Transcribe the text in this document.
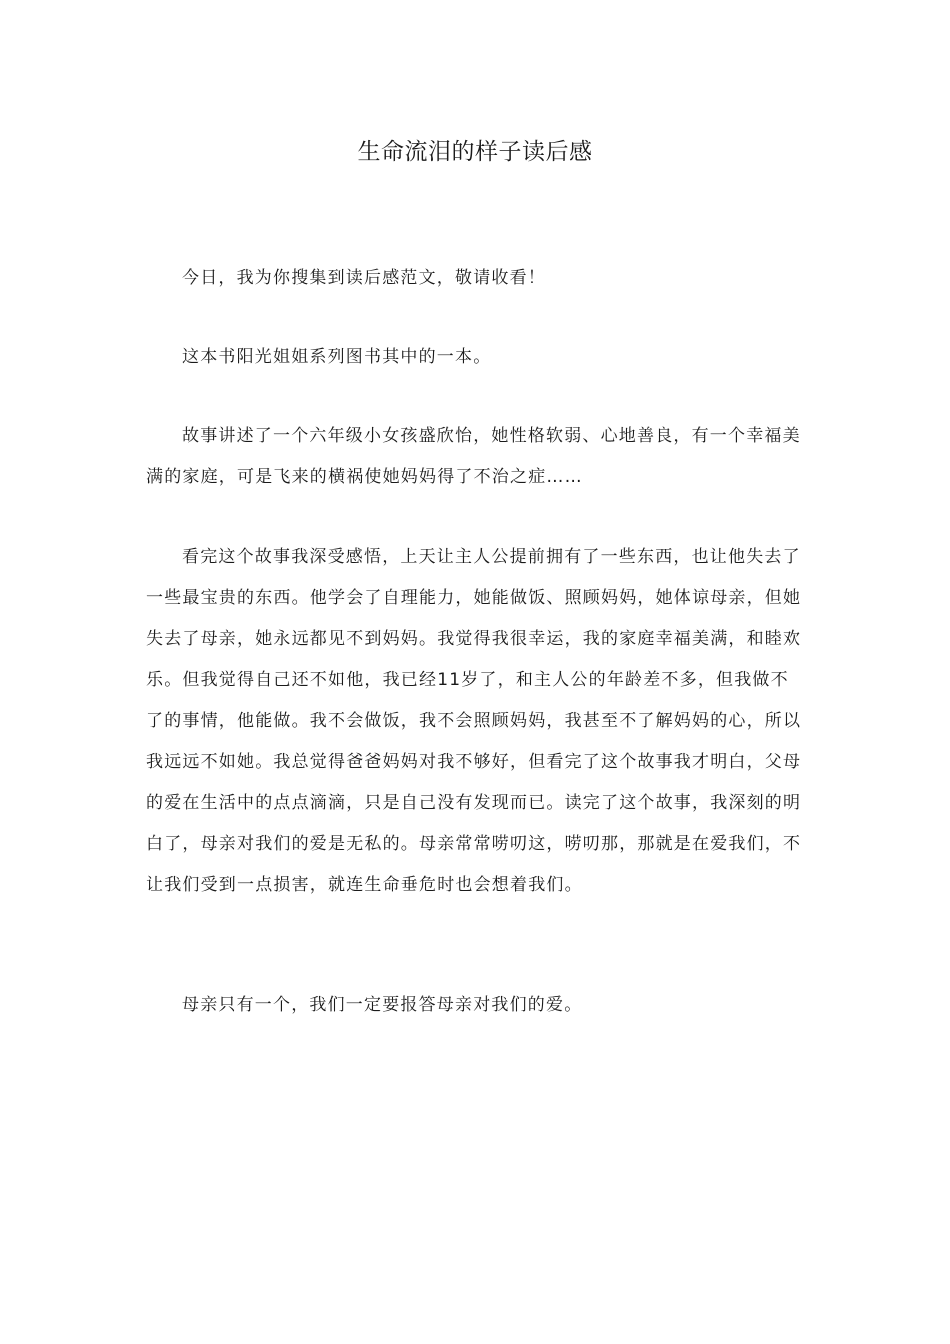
生命流泪的样子读后感

今日，我为你搜集到读后感范文，敬请收看！

这本书阳光姐姐系列图书其中的一本。

故事讲述了一个六年级小女孩盛欣怡，她性格软弱、心地善良，有一个幸福美满的家庭，可是飞来的横祸使她妈妈得了不治之症……

看完这个故事我深受感悟，上天让主人公提前拥有了一些东西，也让他失去了一些最宝贵的东西。他学会了自理能力，她能做饭、照顾妈妈，她体谅母亲，但她失去了母亲，她永远都见不到妈妈。我觉得我很幸运，我的家庭幸福美满，和睦欢乐。但我觉得自己还不如他，我已经11岁了，和主人公的年龄差不多，但我做不了的事情，他能做。我不会做饭，我不会照顾妈妈，我甚至不了解妈妈的心，所以我远远不如她。我总觉得爸爸妈妈对我不够好，但看完了这个故事我才明白，父母的爱在生活中的点点滴滴，只是自己没有发现而已。读完了这个故事，我深刻的明白了，母亲对我们的爱是无私的。母亲常常唠叨这，唠叨那，那就是在爱我们，不让我们受到一点损害，就连生命垂危时也会想着我们。

母亲只有一个，我们一定要报答母亲对我们的爱。
